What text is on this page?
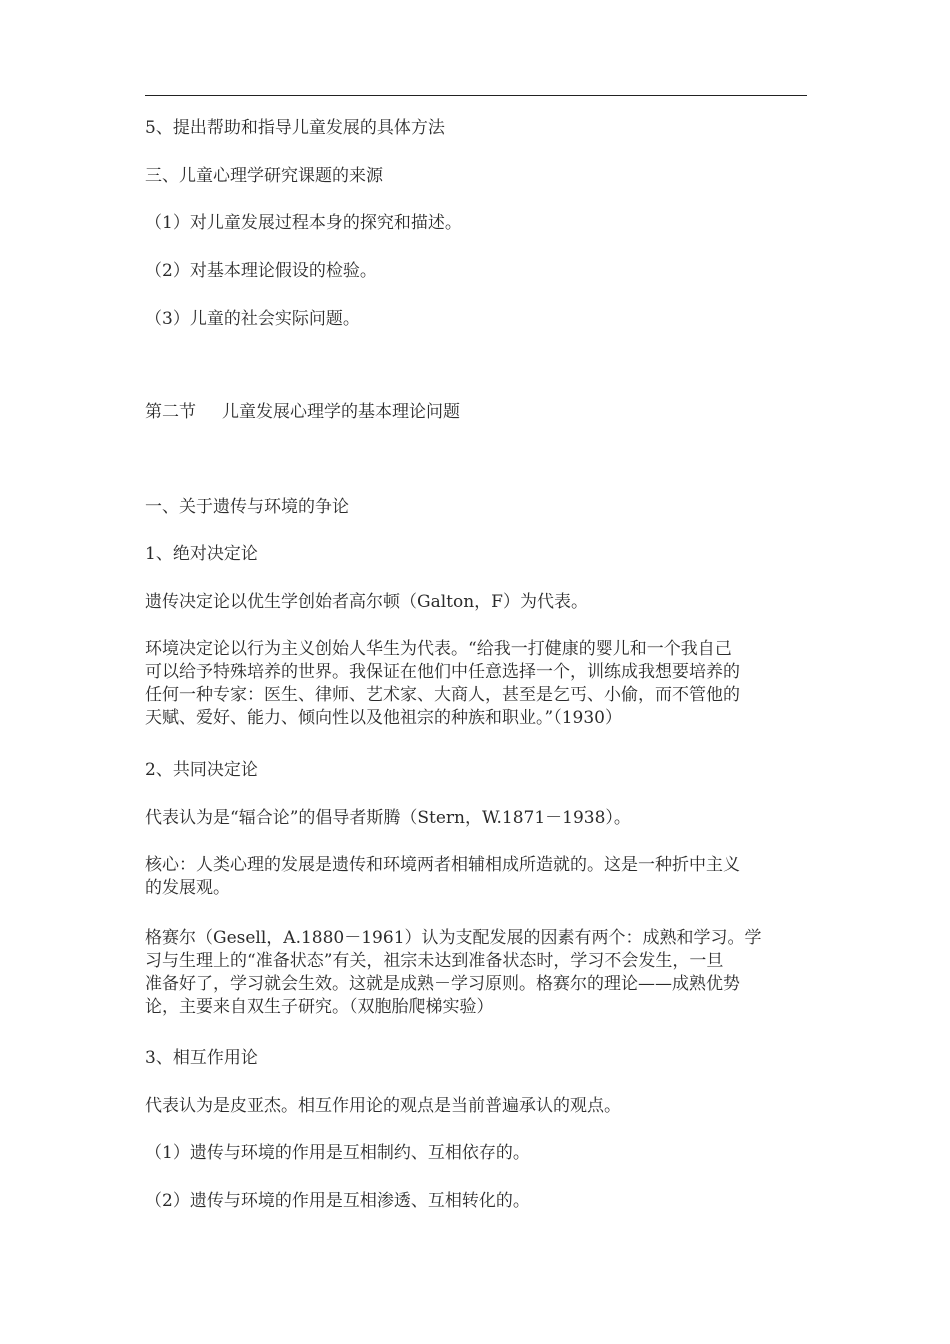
5、提出帮助和指导儿童发展的具体方法

三、儿童心理学研究课题的来源

（1）对儿童发展过程本身的探究和描述。

（2）对基本理论假设的检验。

（3）儿童的社会实际问题。

第二节 儿童发展心理学的基本理论问题

一、关于遗传与环境的争论

1、绝对决定论

遗传决定论以优生学创始者高尔顿（Galton，F）为代表。

环境决定论以行为主义创始人华生为代表。“给我一打健康的婴儿和一个我自己
可以给予特殊培养的世界。我保证在他们中任意选择一个，训练成我想要培养的
任何一种专家：医生、律师、艺术家、大商人，甚至是乞丐、小偷，而不管他的
天赋、爱好、能力、倾向性以及他祖宗的种族和职业。”（1930）

2、共同决定论

代表认为是“辐合论”的倡导者斯腾（Stern，W.1871－1938）。

核心：人类心理的发展是遗传和环境两者相辅相成所造就的。这是一种折中主义
的发展观。
格赛尔（Gesell，A.1880－1961）认为支配发展的因素有两个：成熟和学习。学
习与生理上的“准备状态”有关，祖宗未达到准备状态时，学习不会发生，一旦
准备好了，学习就会生效。这就是成熟－学习原则。格赛尔的理论——成熟优势
论，主要来自双生子研究。（双胞胎爬梯实验）

3、相互作用论

代表认为是皮亚杰。相互作用论的观点是当前普遍承认的观点。

（1）遗传与环境的作用是互相制约、互相依存的。

（2）遗传与环境的作用是互相渗透、互相转化的。
